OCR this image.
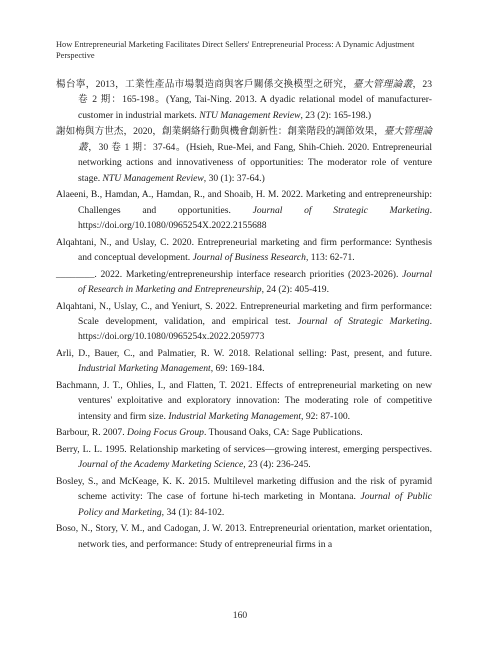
How Entrepreneurial Marketing Facilitates Direct Sellers' Entrepreneurial Process: A Dynamic Adjustment Perspective

楊台寧，2013，工業性產品市場製造商與客戶關係交換模型之研究，臺大管理論叢，23 卷 2 期：165-198。(Yang, Tai-Ning. 2013. A dyadic relational model of manufacturer-customer in industrial markets. NTU Management Review, 23 (2): 165-198.)

謝如梅與方世杰，2020，創業網絡行動與機會創新性：創業階段的調節效果，臺大管理論叢，30 卷 1 期：37-64。(Hsieh, Rue-Mei, and Fang, Shih-Chieh. 2020. Entrepreneurial networking actions and innovativeness of opportunities: The moderator role of venture stage. NTU Management Review, 30 (1): 37-64.)

Alaeeni, B., Hamdan, A., Hamdan, R., and Shoaib, H. M. 2022. Marketing and entrepreneurship: Challenges and opportunities. Journal of Strategic Marketing. https://doi.org/10.1080/0965254X.2022.2155688

Alqahtani, N., and Uslay, C. 2020. Entrepreneurial marketing and firm performance: Synthesis and conceptual development. Journal of Business Research, 113: 62-71.

________. 2022. Marketing/entrepreneurship interface research priorities (2023-2026). Journal of Research in Marketing and Entrepreneurship, 24 (2): 405-419.

Alqahtani, N., Uslay, C., and Yeniurt, S. 2022. Entrepreneurial marketing and firm performance: Scale development, validation, and empirical test. Journal of Strategic Marketing. https://doi.org/10.1080/0965254x.2022.2059773

Arli, D., Bauer, C., and Palmatier, R. W. 2018. Relational selling: Past, present, and future. Industrial Marketing Management, 69: 169-184.

Bachmann, J. T., Ohlies, I., and Flatten, T. 2021. Effects of entrepreneurial marketing on new ventures' exploitative and exploratory innovation: The moderating role of competitive intensity and firm size. Industrial Marketing Management, 92: 87-100.

Barbour, R. 2007. Doing Focus Group. Thousand Oaks, CA: Sage Publications.

Berry, L. L. 1995. Relationship marketing of services—growing interest, emerging perspectives. Journal of the Academy Marketing Science, 23 (4): 236-245.

Bosley, S., and McKeage, K. K. 2015. Multilevel marketing diffusion and the risk of pyramid scheme activity: The case of fortune hi-tech marketing in Montana. Journal of Public Policy and Marketing, 34 (1): 84-102.

Boso, N., Story, V. M., and Cadogan, J. W. 2013. Entrepreneurial orientation, market orientation, network ties, and performance: Study of entrepreneurial firms in a

160
